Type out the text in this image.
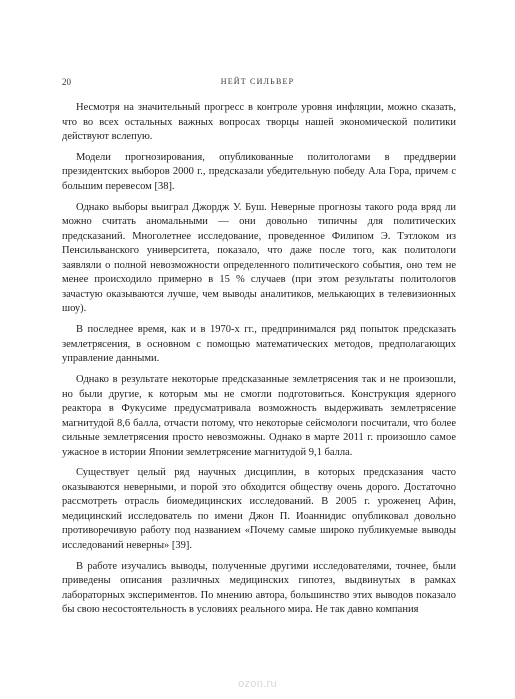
20	НЕЙТ СИЛЬВЕР

Несмотря на значительный прогресс в контроле уровня инфляции, можно сказать, что во всех остальных важных вопросах творцы нашей экономической политики действуют вслепую.

Модели прогнозирования, опубликованные политологами в преддверии президентских выборов 2000 г., предсказали убедительную победу Ала Гора, причем с большим перевесом [38].

Однако выборы выиграл Джордж У. Буш. Неверные прогнозы такого рода вряд ли можно считать аномальными — они довольно типичны для политических предсказаний. Многолетнее исследование, проведенное Филипом Э. Тэтлоком из Пенсильванского университета, показало, что даже после того, как политологи заявляли о полной невозможности определенного политического события, оно тем не менее происходило примерно в 15 % случаев (при этом результаты политологов зачастую оказываются лучше, чем выводы аналитиков, мелькающих в телевизионных шоу).

В последнее время, как и в 1970-х гг., предпринимался ряд попыток предсказать землетрясения, в основном с помощью математических методов, предполагающих управление данными.

Однако в результате некоторые предсказанные землетрясения так и не произошли, но были другие, к которым мы не смогли подготовиться. Конструкция ядерного реактора в Фукусиме предусматривала возможность выдерживать землетрясение магнитудой 8,6 балла, отчасти потому, что некоторые сейсмологи посчитали, что более сильные землетрясения просто невозможны. Однако в марте 2011 г. произошло самое ужасное в истории Японии землетрясение магнитудой 9,1 балла.

Существует целый ряд научных дисциплин, в которых предсказания часто оказываются неверными, и порой это обходится обществу очень дорого. Достаточно рассмотреть отрасль биомедицинских исследований. В 2005 г. уроженец Афин, медицинский исследователь по имени Джон П. Иоаннидис опубликовал довольно противоречивую работу под названием «Почему самые широко публикуемые выводы исследований неверны» [39].

В работе изучались выводы, полученные другими исследователями, точнее, были приведены описания различных медицинских гипотез, выдвинутых в рамках лабораторных экспериментов. По мнению автора, большинство этих выводов показало бы свою несостоятельность в условиях реального мира. Не так давно компания

ozon.ru
